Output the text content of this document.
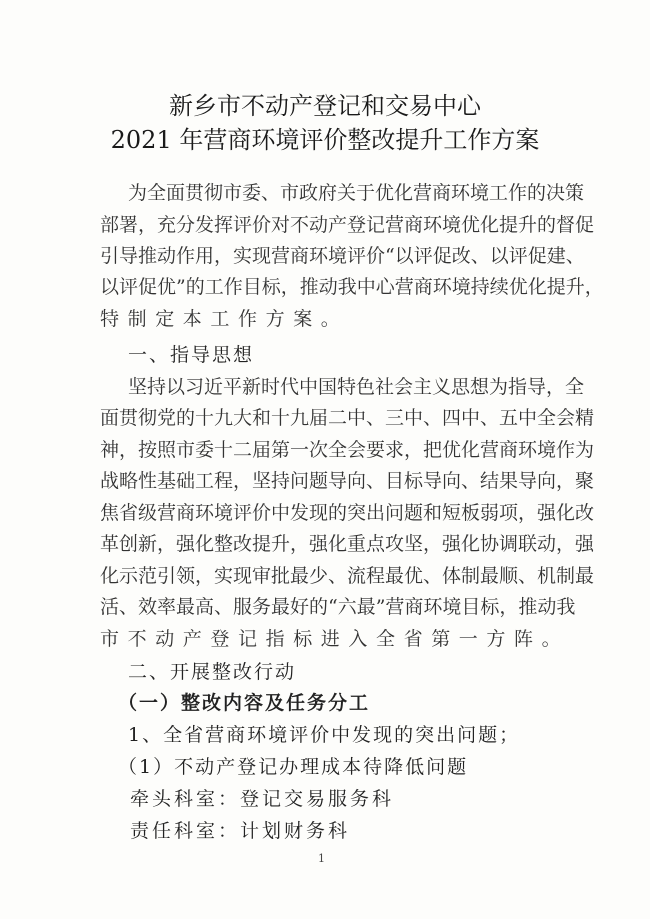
新乡市不动产登记和交易中心
2021 年营商环境评价整改提升工作方案
为全面贯彻市委、市政府关于优化营商环境工作的决策
部署，充分发挥评价对不动产登记营商环境优化提升的督促
引导推动作用，实现营商环境评价“以评促改、以评促建、
以评促优”的工作目标，推动我中心营商环境持续优化提升，
特制定本工作方案。
一、指导思想
坚持以习近平新时代中国特色社会主义思想为指导，全
面贯彻党的十九大和十九届二中、三中、四中、五中全会精
神，按照市委十二届第一次全会要求，把优化营商环境作为
战略性基础工程，坚持问题导向、目标导向、结果导向，聚
焦省级营商环境评价中发现的突出问题和短板弱项，强化改
革创新，强化整改提升，强化重点攻坚，强化协调联动，强
化示范引领，实现审批最少、流程最优、体制最顺、机制最
活、效率最高、服务最好的“六最”营商环境目标，推动我
市不动产登记指标进入全省第一方阵。
二、开展整改行动
（一）整改内容及任务分工
1、全省营商环境评价中发现的突出问题；
（1）不动产登记办理成本待降低问题
牵头科室：登记交易服务科
责任科室：计划财务科
1
